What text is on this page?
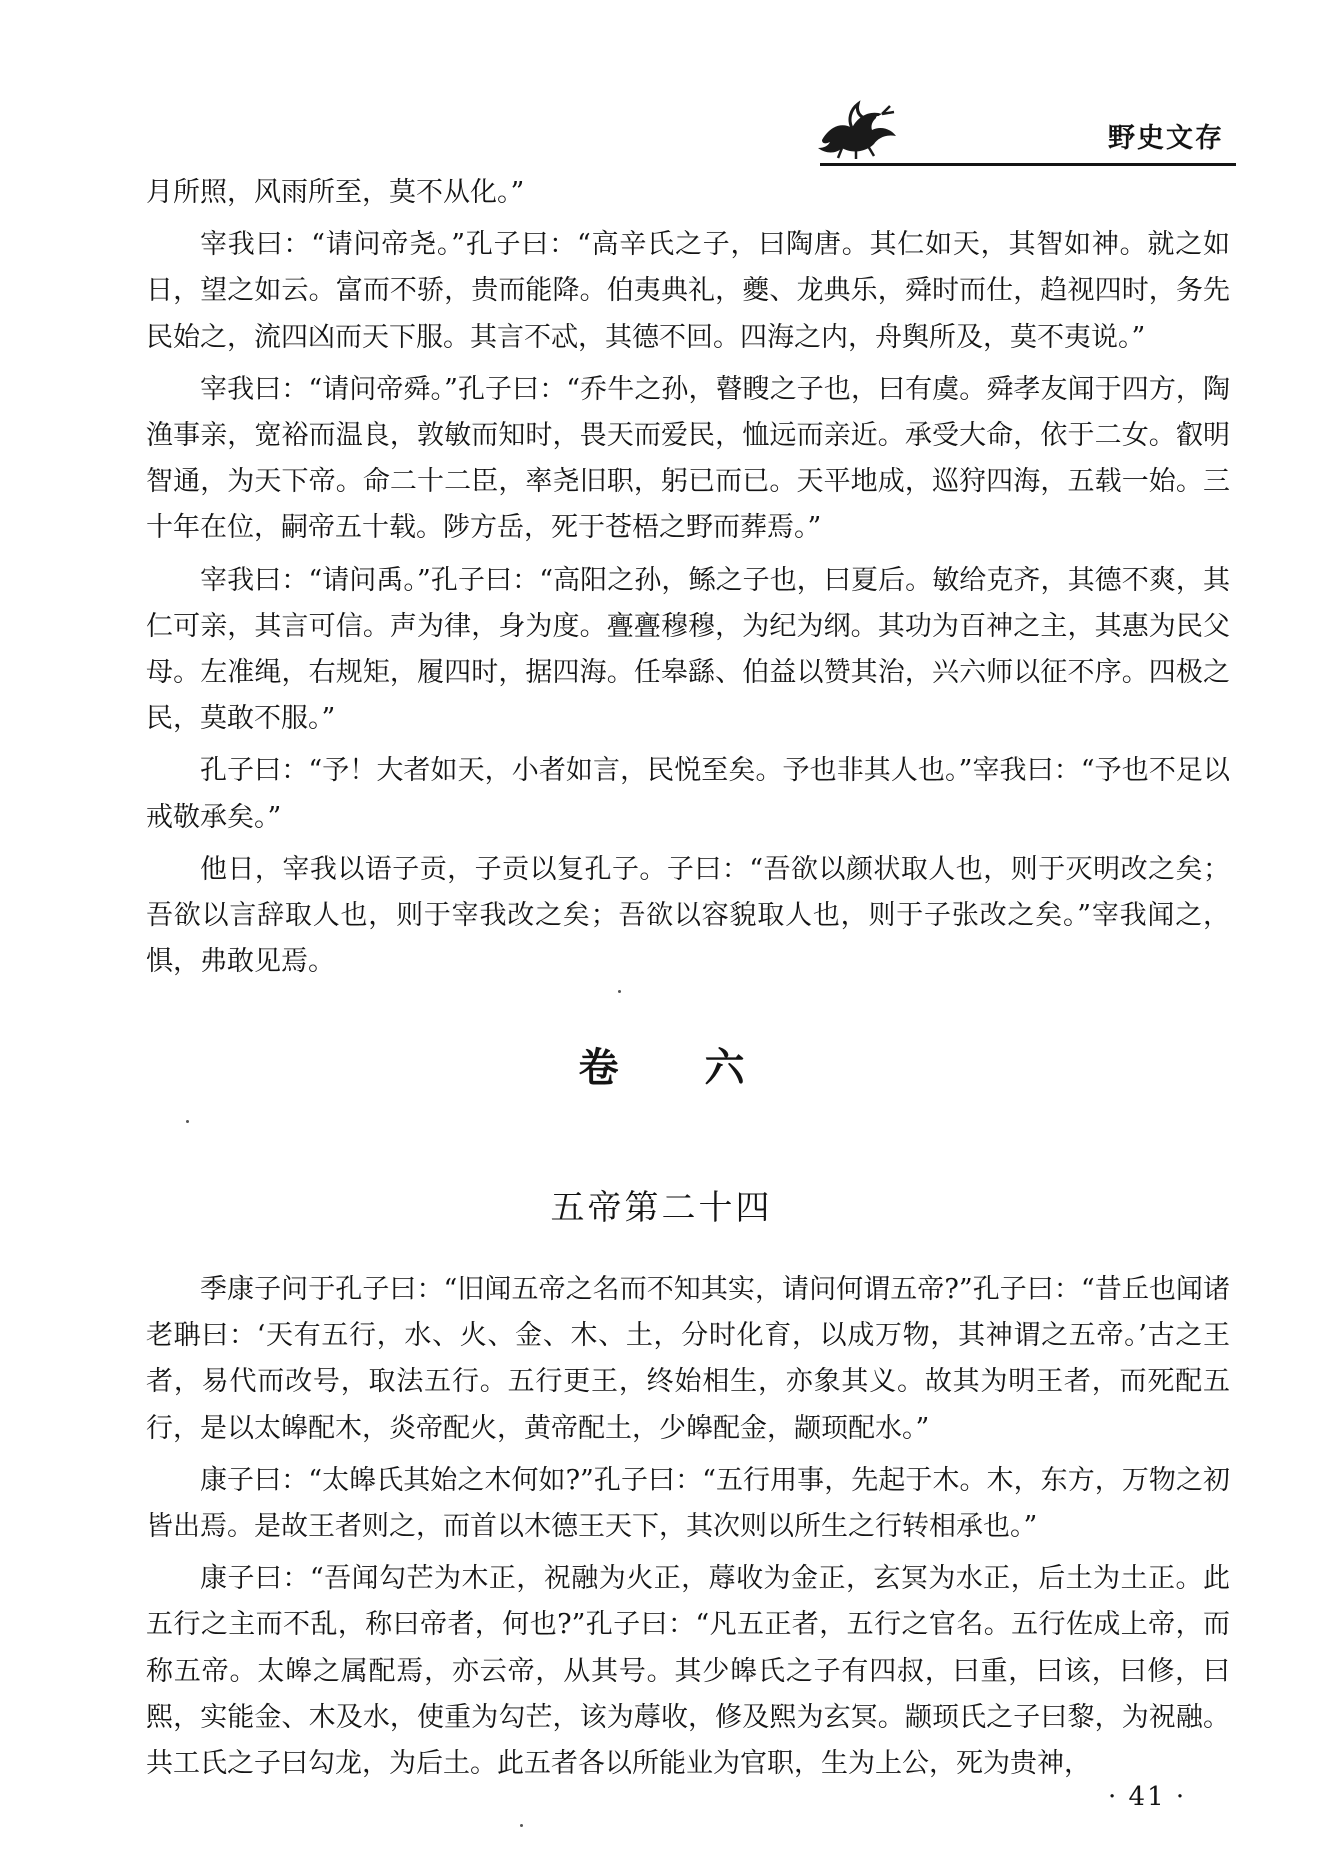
野史文存

月所照，风雨所至，莫不从化。”

宰我曰：“请问帝尧。”孔子曰：“高辛氏之子，曰陶唐。其仁如天，其智如神。就之如日，望之如云。富而不骄，贵而能降。伯夷典礼，夔、龙典乐，舜时而仕，趋视四时，务先民始之，流四凶而天下服。其言不忒，其德不回。四海之内，舟舆所及，莫不夷说。”

宰我曰：“请问帝舜。”孔子曰：“乔牛之孙，瞽瞍之子也，曰有虞。舜孝友闻于四方，陶渔事亲，宽裕而温良，敦敏而知时，畏天而爱民，恤远而亲近。承受大命，依于二女。叡明智通，为天下帝。命二十二臣，率尧旧职，躬已而已。天平地成，巡狩四海，五载一始。三十年在位，嗣帝五十载。陟方岳，死于苍梧之野而葬焉。”

宰我曰：“请问禹。”孔子曰：“高阳之孙，鲧之子也，曰夏后。敏给克齐，其德不爽，其仁可亲，其言可信。声为律，身为度。亹亹穆穆，为纪为纲。其功为百神之主，其惠为民父母。左准绳，右规矩，履四时，据四海。任皋繇、伯益以赞其治，兴六师以征不序。四极之民，莫敢不服。”

孔子曰：“予！大者如天，小者如言，民悦至矣。予也非其人也。”宰我曰：“予也不足以戒敬承矣。”

他日，宰我以语子贡，子贡以复孔子。子曰：“吾欲以颜状取人也，则于灭明改之矣；吾欲以言辞取人也，则于宰我改之矣；吾欲以容貌取人也，则于子张改之矣。”宰我闻之，惧，弗敢见焉。

卷 六
五帝第二十四

季康子问于孔子曰：“旧闻五帝之名而不知其实，请问何谓五帝?”孔子曰：“昔丘也闻诸老聃曰：‘天有五行，水、火、金、木、土，分时化育，以成万物，其神谓之五帝。’古之王者，易代而改号，取法五行。五行更王，终始相生，亦象其义。故其为明王者，而死配五行，是以太皞配木，炎帝配火，黄帝配土，少皞配金，颛顼配水。”

康子曰：“太皞氏其始之木何如?”孔子曰：“五行用事，先起于木。木，东方，万物之初皆出焉。是故王者则之，而首以木德王天下，其次则以所生之行转相承也。”

康子曰：“吾闻勾芒为木正，祝融为火正，蓐收为金正，玄冥为水正，后土为土正。此五行之主而不乱，称曰帝者，何也?”孔子曰：“凡五正者，五行之官名。五行佐成上帝，而称五帝。太皞之属配焉，亦云帝，从其号。其少皞氏之子有四叔，曰重，曰该，曰修，曰熙，实能金、木及水，使重为勾芒，该为蓐收，修及熙为玄冥。颛顼氏之子曰黎，为祝融。共工氏之子曰勾龙，为后土。此五者各以所能业为官职，生为上公，死为贵神，

· 41 ·
